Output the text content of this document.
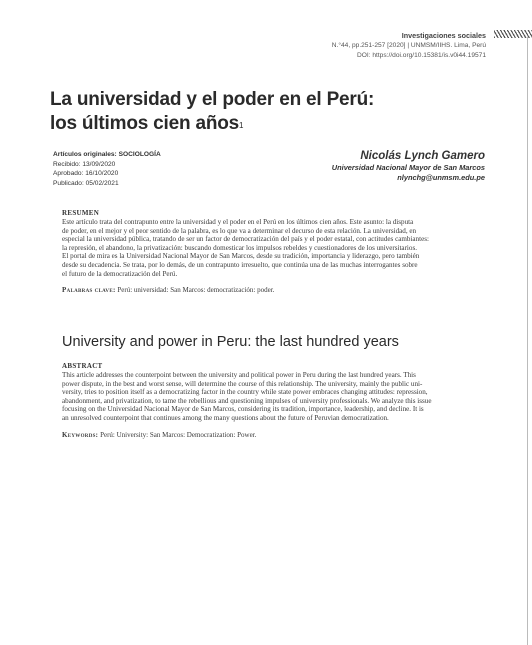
Investigaciones sociales
N.°44, pp.251-257 [2020] | UNMSM/IIHS. Lima, Perú
DOI: https://doi.org/10.15381/is.v0i44.19571
La universidad y el poder en el Perú:
los últimos cien años$^1$
Artículos originales: SOCIOLOGÍA
Recibido: 13/09/2020
Aprobado: 16/10/2020
Publicado: 05/02/2021
Nicolás Lynch Gamero
Universidad Nacional Mayor de San Marcos
nlynchg@unmsm.edu.pe
RESUMEN
Este artículo trata del contrapunto entre la universidad y el poder en el Perú en los últimos cien años. Este asunto: la disputa
de poder, en el mejor y el peor sentido de la palabra, es lo que va a determinar el decurso de esta relación. La universidad, en
especial la universidad pública, tratando de ser un factor de democratización del país y el poder estatal, con actitudes cambiantes:
la represión, el abandono, la privatización: buscando domesticar los impulsos rebeldes y cuestionadores de los universitarios.
El portal de mira es la Universidad Nacional Mayor de San Marcos, desde su tradición, importancia y liderazgo, pero también
desde su decadencia. Se trata, por lo demás, de un contrapunto irresuelto, que continúa una de las muchas interrogantes sobre
el futuro de la democratización del Perú.
Palabras clave: Perú: universidad: San Marcos: democratización: poder.
University and power in Peru: the last hundred years
ABSTRACT
This article addresses the counterpoint between the university and political power in Peru during the last hundred years. This
power dispute, in the best and worst sense, will determine the course of this relationship. The university, mainly the public uni-
versity, tries to position itself as a democratizing factor in the country while state power embraces changing attitudes: repression,
abandonment, and privatization, to tame the rebellious and questioning impulses of university professionals. We analyze this issue
focusing on the Universidad Nacional Mayor de San Marcos, considering its tradition, importance, leadership, and decline. It is
an unresolved counterpoint that continues among the many questions about the future of Peruvian democratization.
Keywords: Perú: University: San Marcos: Democratization: Power.
